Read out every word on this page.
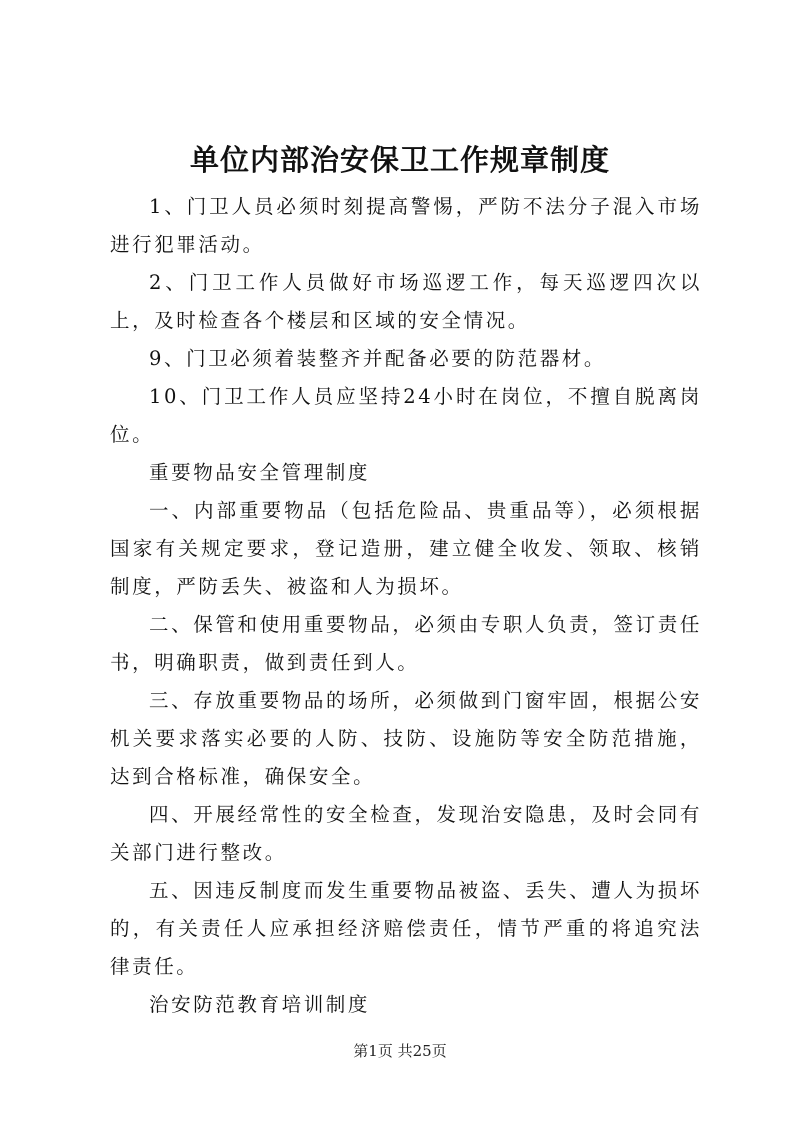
单位内部治安保卫工作规章制度

1、门卫人员必须时刻提高警惕，严防不法分子混入市场进行犯罪活动。

2、门卫工作人员做好市场巡逻工作，每天巡逻四次以上，及时检查各个楼层和区域的安全情况。

9、门卫必须着装整齐并配备必要的防范器材。

10、门卫工作人员应坚持24小时在岗位，不擅自脱离岗位。

重要物品安全管理制度

一、内部重要物品（包括危险品、贵重品等），必须根据国家有关规定要求，登记造册，建立健全收发、领取、核销制度，严防丢失、被盗和人为损坏。

二、保管和使用重要物品，必须由专职人负责，签订责任书，明确职责，做到责任到人。

三、存放重要物品的场所，必须做到门窗牢固，根据公安机关要求落实必要的人防、技防、设施防等安全防范措施，达到合格标准，确保安全。

四、开展经常性的安全检查，发现治安隐患，及时会同有关部门进行整改。

五、因违反制度而发生重要物品被盗、丢失、遭人为损坏的，有关责任人应承担经济赔偿责任，情节严重的将追究法律责任。

治安防范教育培训制度

第1页 共25页
